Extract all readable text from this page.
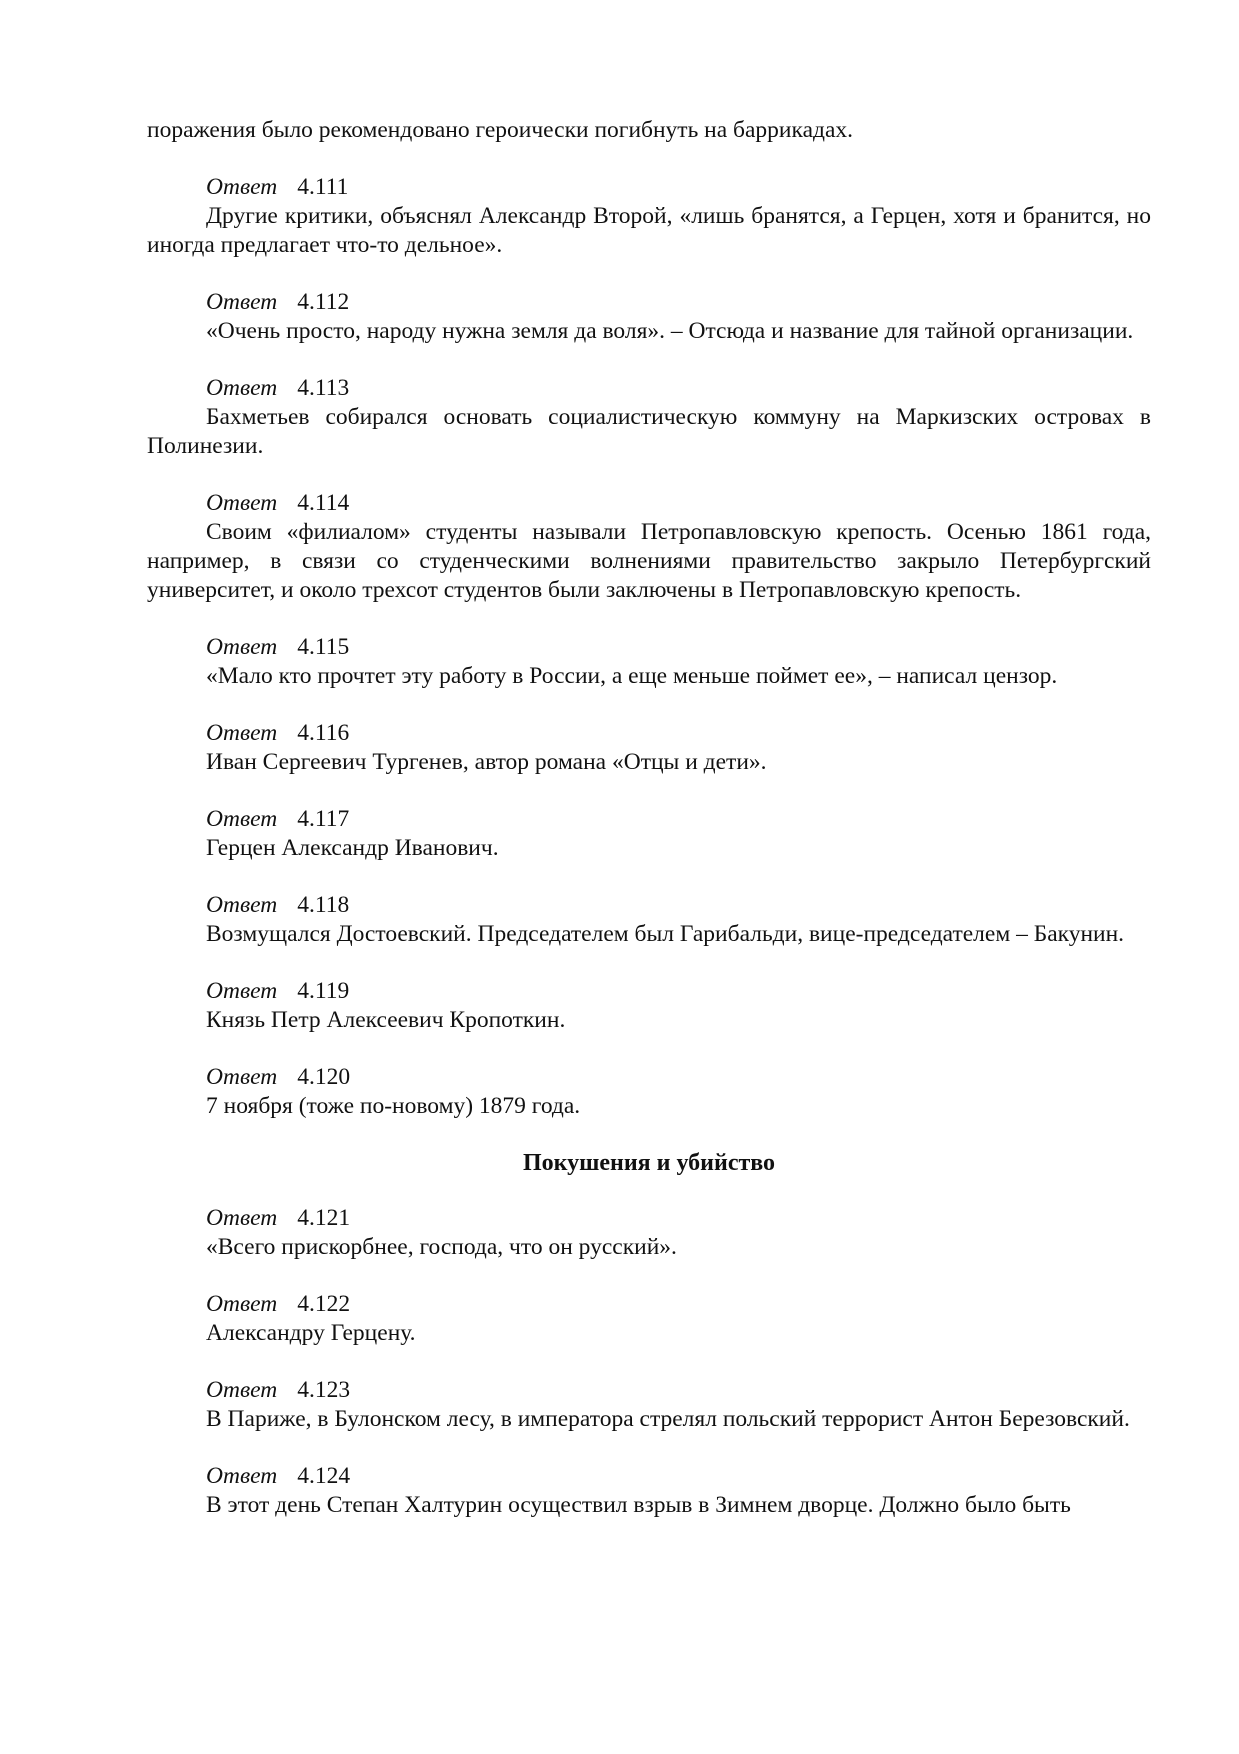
поражения было рекомендовано героически погибнуть на баррикадах.

Ответ 4.111

Другие критики, объяснял Александр Второй, «лишь бранятся, а Герцен, хотя и бранится, но иногда предлагает что-то дельное».

Ответ 4.112

«Очень просто, народу нужна земля да воля». – Отсюда и название для тайной организации.

Ответ 4.113

Бахметьев собирался основать социалистическую коммуну на Маркизских островах в Полинезии.

Ответ 4.114

Своим «филиалом» студенты называли Петропавловскую крепость. Осенью 1861 года, например, в связи со студенческими волнениями правительство закрыло Петербургский университет, и около трехсот студентов были заключены в Петропавловскую крепость.

Ответ 4.115

«Мало кто прочтет эту работу в России, а еще меньше поймет ее», – написал цензор.

Ответ 4.116

Иван Сергеевич Тургенев, автор романа «Отцы и дети».

Ответ 4.117

Герцен Александр Иванович.

Ответ 4.118

Возмущался Достоевский. Председателем был Гарибальди, вице-председателем – Бакунин.

Ответ 4.119

Князь Петр Алексеевич Кропоткин.

Ответ 4.120

7 ноября (тоже по-новому) 1879 года.

Покушения и убийство

Ответ 4.121

«Всего прискорбнее, господа, что он русский».

Ответ 4.122

Александру Герцену.

Ответ 4.123

В Париже, в Булонском лесу, в императора стрелял польский террорист Антон Березовский.

Ответ 4.124

В этот день Степан Халтурин осуществил взрыв в Зимнем дворце. Должно было быть
